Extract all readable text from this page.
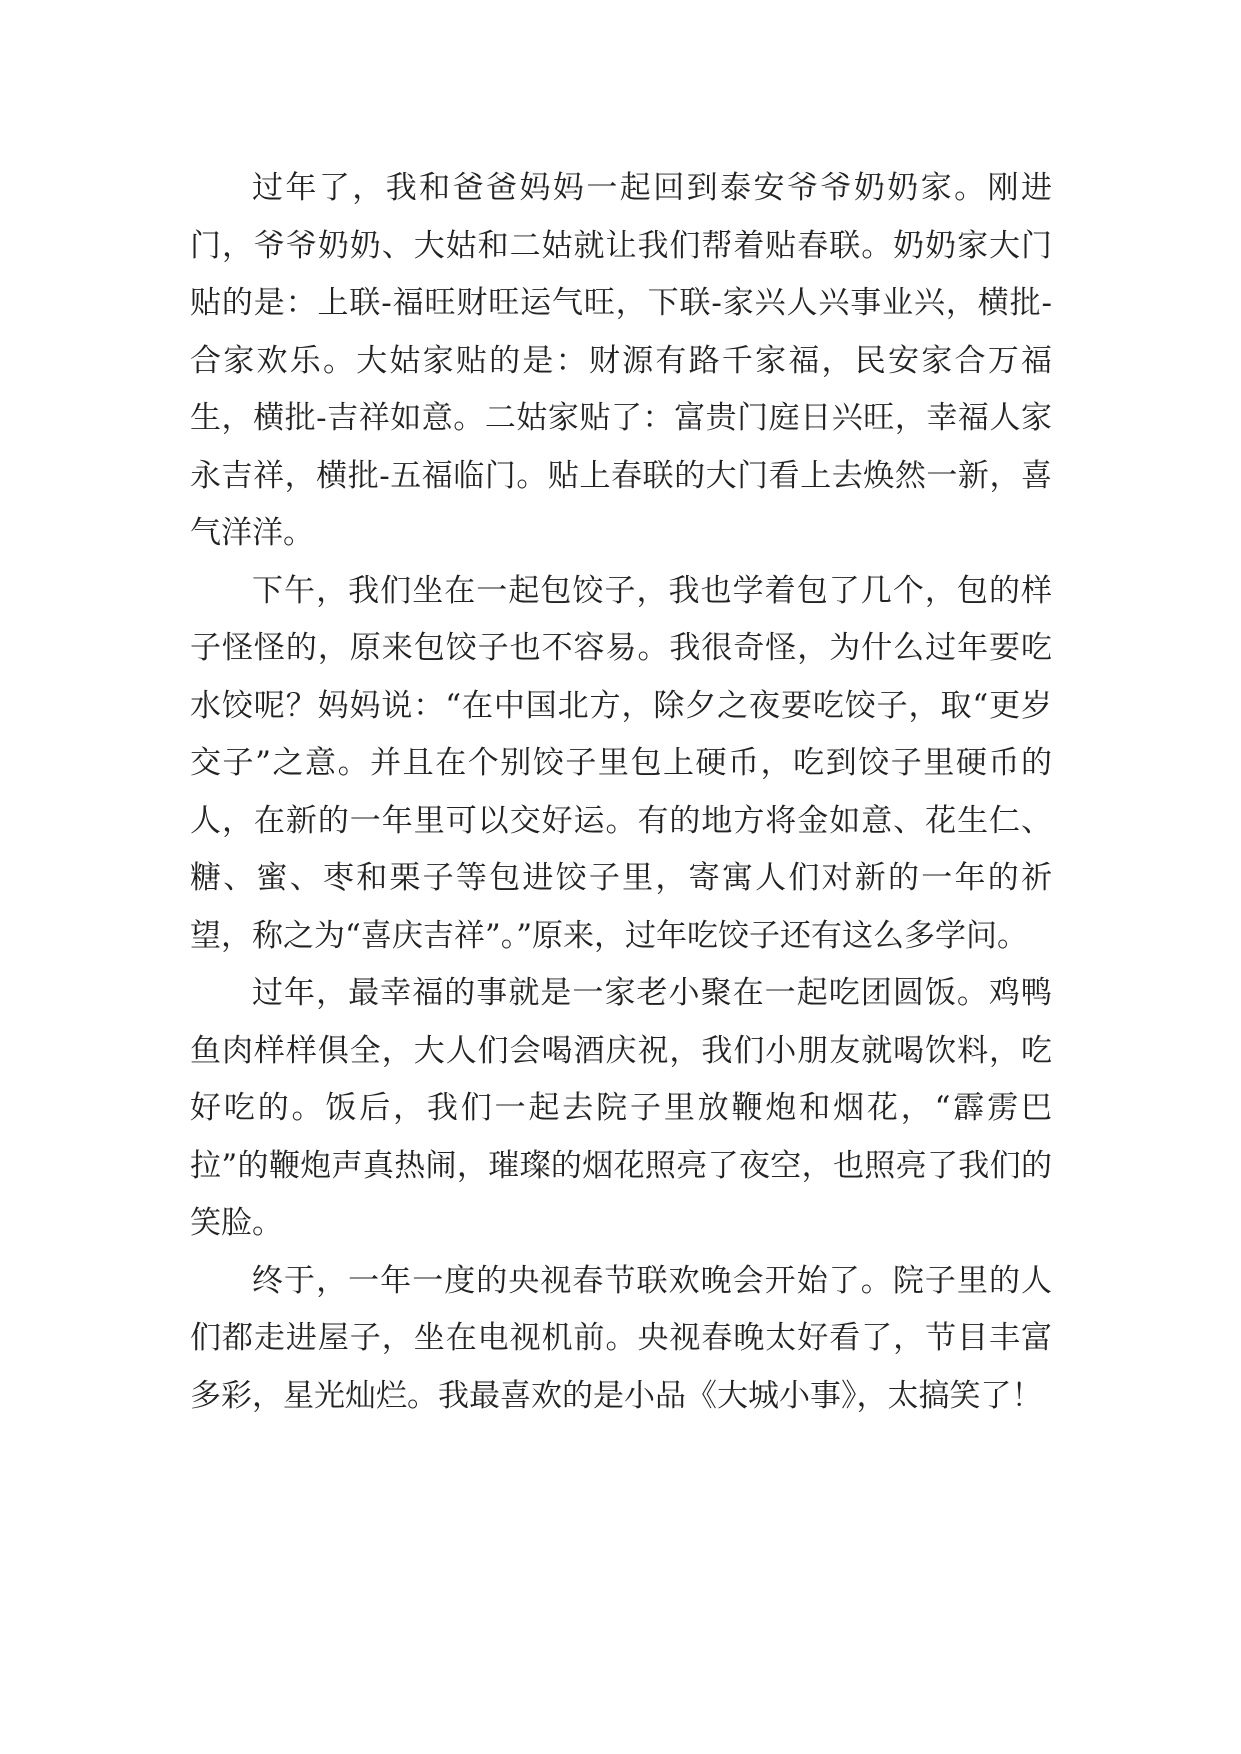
过年了，我和爸爸妈妈一起回到泰安爷爷奶奶家。刚进门，爷爷奶奶、大姑和二姑就让我们帮着贴春联。奶奶家大门贴的是：上联-福旺财旺运气旺，下联-家兴人兴事业兴，横批-合家欢乐。大姑家贴的是：财源有路千家福，民安家合万福生，横批-吉祥如意。二姑家贴了：富贵门庭日兴旺，幸福人家永吉祥，横批-五福临门。贴上春联的大门看上去焕然一新，喜气洋洋。

下午，我们坐在一起包饺子，我也学着包了几个，包的样子怪怪的，原来包饺子也不容易。我很奇怪，为什么过年要吃水饺呢？妈妈说：“在中国北方，除夕之夜要吃饺子，取“更岁交子”之意。并且在个别饺子里包上硬币，吃到饺子里硬币的人，在新的一年里可以交好运。有的地方将金如意、花生仁、糖、蜜、枣和栗子等包进饺子里，寄寓人们对新的一年的祈望，称之为“喜庆吉祥”。”原来，过年吃饺子还有这么多学问。

过年，最幸福的事就是一家老小聚在一起吃团圆饭。鸡鸭鱼肉样样俱全，大人们会喝酒庆祝，我们小朋友就喝饮料，吃好吃的。饭后，我们一起去院子里放鞭炮和烟花，“霹雳巴拉”的鞭炮声真热闹，璀璨的烟花照亮了夜空，也照亮了我们的笑脸。

终于，一年一度的央视春节联欢晚会开始了。院子里的人们都走进屋子，坐在电视机前。央视春晚太好看了，节目丰富多彩，星光灿烂。我最喜欢的是小品《大城小事》，太搞笑了！
